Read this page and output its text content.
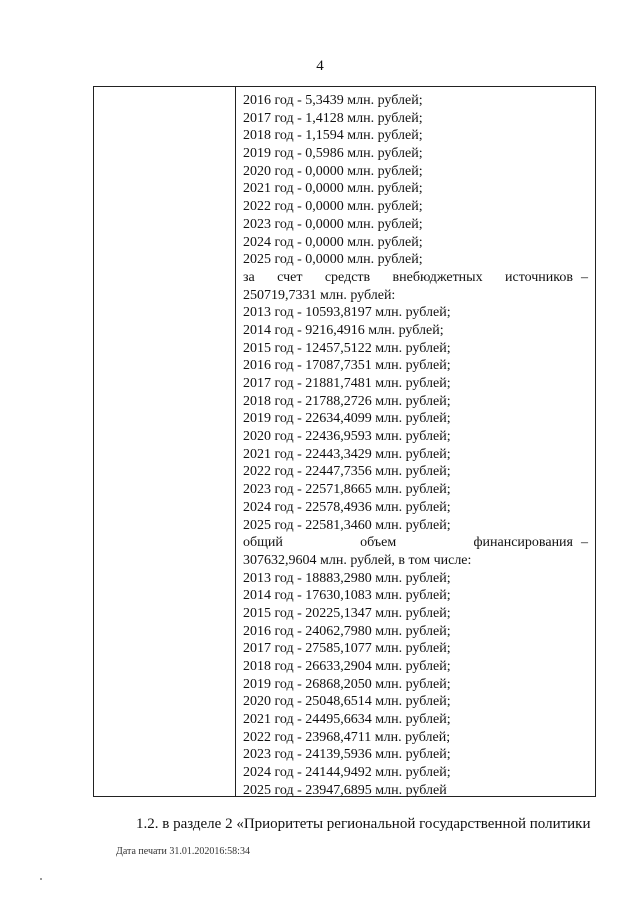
4
2016 год - 5,3439 млн. рублей;
2017 год - 1,4128 млн. рублей;
2018 год - 1,1594 млн. рублей;
2019 год - 0,5986 млн. рублей;
2020 год - 0,0000 млн. рублей;
2021 год - 0,0000 млн. рублей;
2022 год - 0,0000 млн. рублей;
2023 год - 0,0000 млн. рублей;
2024 год - 0,0000 млн. рублей;
2025 год - 0,0000 млн. рублей;
за счет средств внебюджетных источников –
250719,7331 млн. рублей:
2013 год - 10593,8197 млн. рублей;
2014 год - 9216,4916 млн. рублей;
2015 год - 12457,5122 млн. рублей;
2016 год - 17087,7351 млн. рублей;
2017 год - 21881,7481 млн. рублей;
2018 год - 21788,2726 млн. рублей;
2019 год - 22634,4099 млн. рублей;
2020 год - 22436,9593 млн. рублей;
2021 год - 22443,3429 млн. рублей;
2022 год - 22447,7356 млн. рублей;
2023 год - 22571,8665 млн. рублей;
2024 год - 22578,4936 млн. рублей;
2025 год - 22581,3460 млн. рублей;
общий объем финансирования –
307632,9604 млн. рублей, в том числе:
2013 год - 18883,2980 млн. рублей;
2014 год - 17630,1083 млн. рублей;
2015 год - 20225,1347 млн. рублей;
2016 год - 24062,7980 млн. рублей;
2017 год - 27585,1077 млн. рублей;
2018 год - 26633,2904 млн. рублей;
2019 год - 26868,2050 млн. рублей;
2020 год - 25048,6514 млн. рублей;
2021 год - 24495,6634 млн. рублей;
2022 год - 23968,4711 млн. рублей;
2023 год - 24139,5936 млн. рублей;
2024 год - 24144,9492 млн. рублей;
2025 год - 23947,6895 млн. рублей
1.2. в разделе 2 «Приоритеты региональной государственной политики
Дата печати 31.01.202016:58:34
